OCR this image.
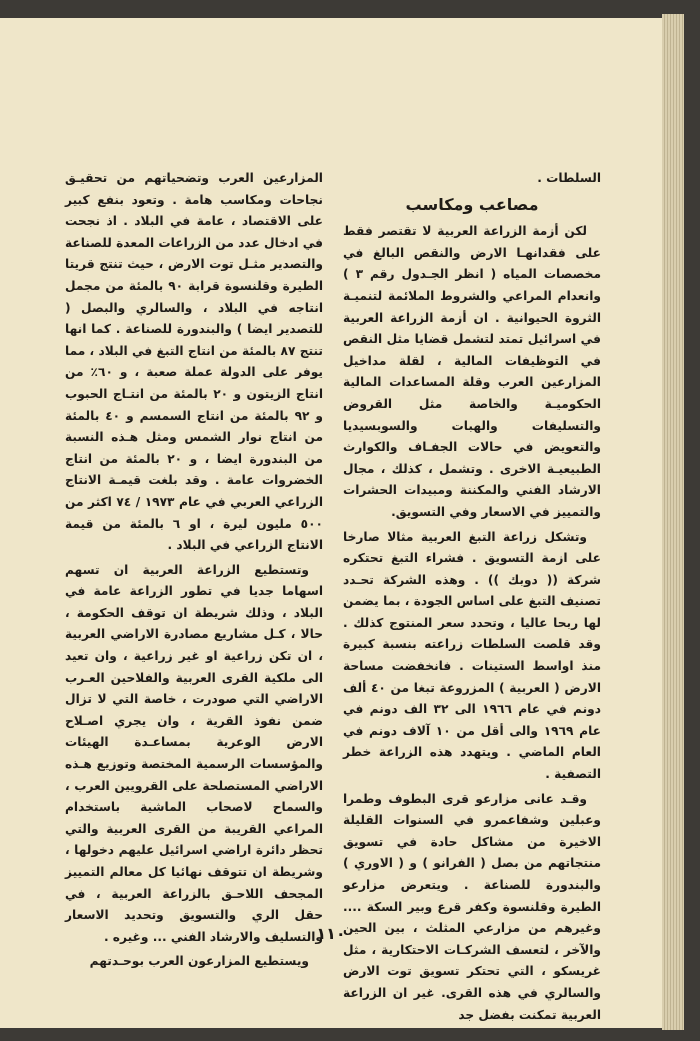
السلطات .

مصاعب ومكاسب

لكن أزمة الزراعة العربية لا تقتصر فقط على فقدانهـا الارض والنقص البالغ في مخصصات المياه ( انظر الجـدول رقم ٣ ) وانعدام المراعي والشروط الملائمة لتنميـة الثروة الحيوانية . ان أزمة الزراعة العربية في اسرائيل تمتد لتشمل قضايا مثل النقص في التوظيفات المالية ، لقلة مداخيل المزارعين العرب وقلة المساعدات المالية الحكوميـة والخاصة مثل القروض والتسليفات والهبات والسوبسيديا والتعويض في حالات الجفـاف والكوارث الطبيعيـة الاخرى . وتشمل ، كذلك ، مجال الارشاد الفني والمكننة ومبيدات الحشرات والتمييز في الاسعار وفي التسويق.

وتشكل زراعة التبغ العربية مثالا صارخا على ازمة التسويق . فشراء التبغ تحتكره شركة (( دوبك )) . وهذه الشركة تحـدد تصنيف التبغ على اساس الجودة ، بما يضمن لها ربحا عاليا ، وتحدد سعر المنتوج كذلك . وقد قلصت السلطات زراعته بنسبة كبيرة منذ اواسط الستينات . فانخفضت مساحة الارض ( العربية ) المزروعة تبغا من ٤٠ ألف دونم في عام ١٩٦٦ الى ٣٢ الف دونم في عام ١٩٦٩ والى أقل من ١٠ آلاف دونم في العام الماضي . ويتهدد هذه الزراعة خطر التصفية .

وقـد عانى مزارعو قرى البطوف وطمرا وعبلين وشفاعمرو في السنوات القليلة الاخيرة من مشاكل حادة في تسويق منتجاتهم من بصل ( الفرانو ) و ( الاوري ) والبندورة للصناعة . ويتعرض مزارعو الطيرة وقلنسوة وكفر قرع وبير السكة .... وغيرهم من مزارعي المثلث ، بين الحين والآخر ، لتعسف الشركـات الاحتكارية ، مثل غريسكو ، التي تحتكر تسويق توت الارض والسالري في هذه القرى. غير ان الزراعة العربية تمكنت بفضل جد

المزارعين العرب وتضحياتهم من تحقيـق نجاحات ومكاسب هامة . وتعود بنفع كبير على الاقتصاد ، عامة في البلاد . اذ نجحت في ادخال عدد من الزراعات المعدة للصناعة والتصدير مثـل توت الارض ، حيث تنتج قريتا الطيرة وقلنسوة قرابة ٩٠ بالمئة من مجمل انتاجه في البلاد ، والسالري والبصل ( للتصدير ايضا ) والبندورة للصناعة . كما انها تنتج ٨٧ بالمئة من انتاج التبغ في البلاد ، مما يوفر على الدولة عملة صعبة ، و ٦٠٪ من انتاج الزيتون و ٢٠ بالمئة من انتـاج الحبوب و ٩٢ بالمئة من انتاج السمسم و ٤٠ بالمئة من انتاج نوار الشمس ومثل هـذه النسبة من البندورة ايضا ، و ٢٠ بالمئة من انتاج الخضروات عامة . وقد بلغت قيمـة الانتاج الزراعي العربي في عام ١٩٧٣ / ٧٤ اكثر من ٥٠٠ مليون ليرة ، او ٦ بالمئة من قيمة الانتاج الزراعي في البلاد .

وتستطيع الزراعة العربية ان تسهم اسهاما جديا في تطور الزراعة عامة في البلاد ، وذلك شريطة ان توقف الحكومة ، حالا ، كـل مشاريع مصادرة الاراضي العربية ، ان تكن زراعية او غير زراعية ، وان تعيد الى ملكية القرى العربية والفلاحين العـرب الاراضي التي صودرت ، خاصة التي لا تزال ضمن نفوذ القرية ، وان يجري اصـلاح الارض الوعرية بمساعـدة الهيئات والمؤسسات الرسمية المختصة وتوزيع هـذه الاراضي المستصلحة على القرويين العرب ، والسماح لاصحاب الماشية باستخدام المراعي القريبة من القرى العربية والتي تحظر دائرة اراضي اسرائيل عليهم دخولها ، وشريطة ان تتوقف نهائيا كل معالم التمييز المجحف اللاحـق بالزراعة العربية ، في حقل الري والتسويق وتحديد الاسعار والتسليف والارشاد الفني ... وغيره .

ويستطيع المزارعون العرب بوحـدتهم

١١٠
